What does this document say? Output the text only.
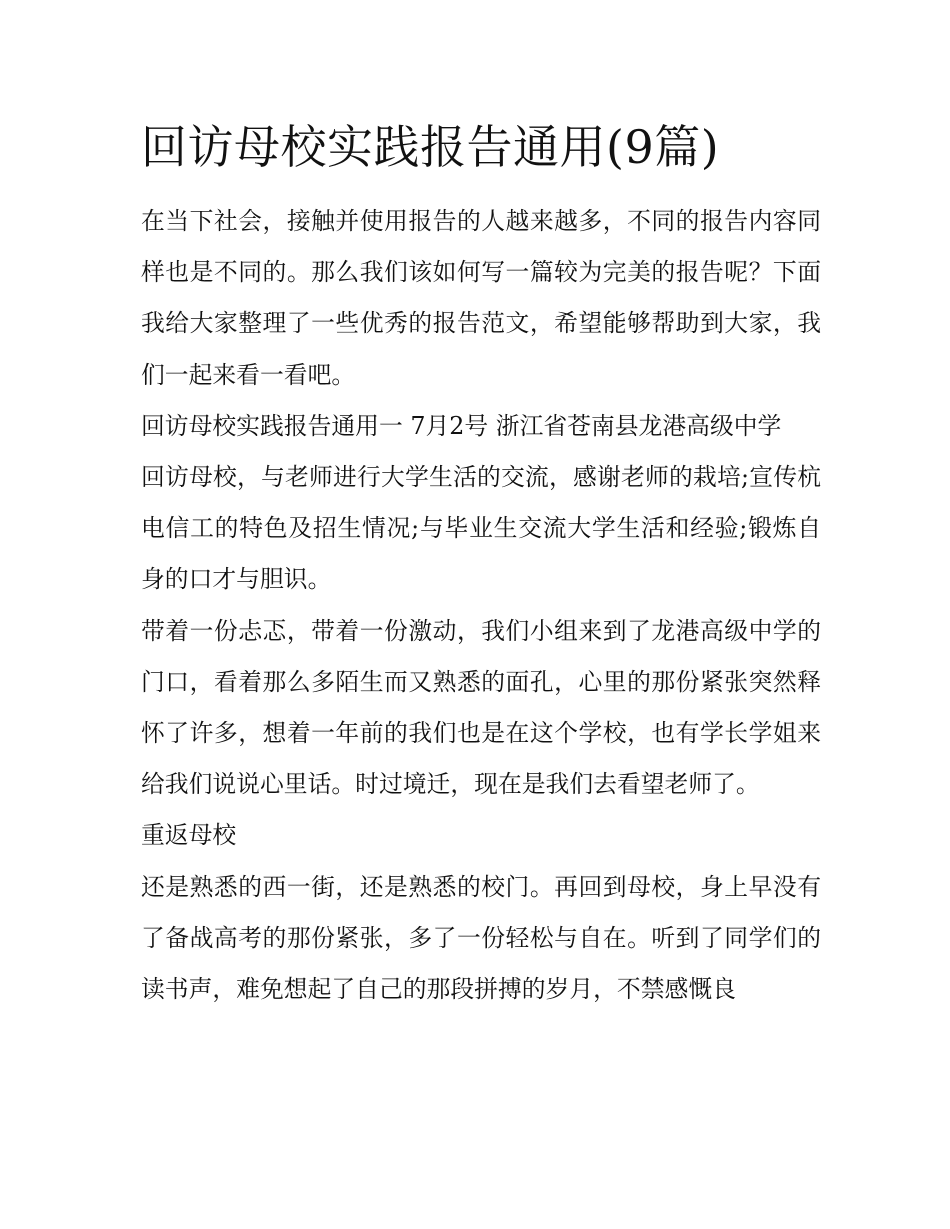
回访母校实践报告通用(9篇)

在当下社会，接触并使用报告的人越来越多，不同的报告内容同样也是不同的。那么我们该如何写一篇较为完美的报告呢？下面我给大家整理了一些优秀的报告范文，希望能够帮助到大家，我们一起来看一看吧。

回访母校实践报告通用一 7月2号 浙江省苍南县龙港高级中学

回访母校，与老师进行大学生活的交流，感谢老师的栽培;宣传杭电信工的特色及招生情况;与毕业生交流大学生活和经验;锻炼自身的口才与胆识。

带着一份忐忑，带着一份激动，我们小组来到了龙港高级中学的门口，看着那么多陌生而又熟悉的面孔，心里的那份紧张突然释怀了许多，想着一年前的我们也是在这个学校，也有学长学姐来给我们说说心里话。时过境迁，现在是我们去看望老师了。

重返母校

还是熟悉的西一街，还是熟悉的校门。再回到母校，身上早没有了备战高考的那份紧张，多了一份轻松与自在。听到了同学们的读书声，难免想起了自己的那段拼搏的岁月，不禁感慨良
